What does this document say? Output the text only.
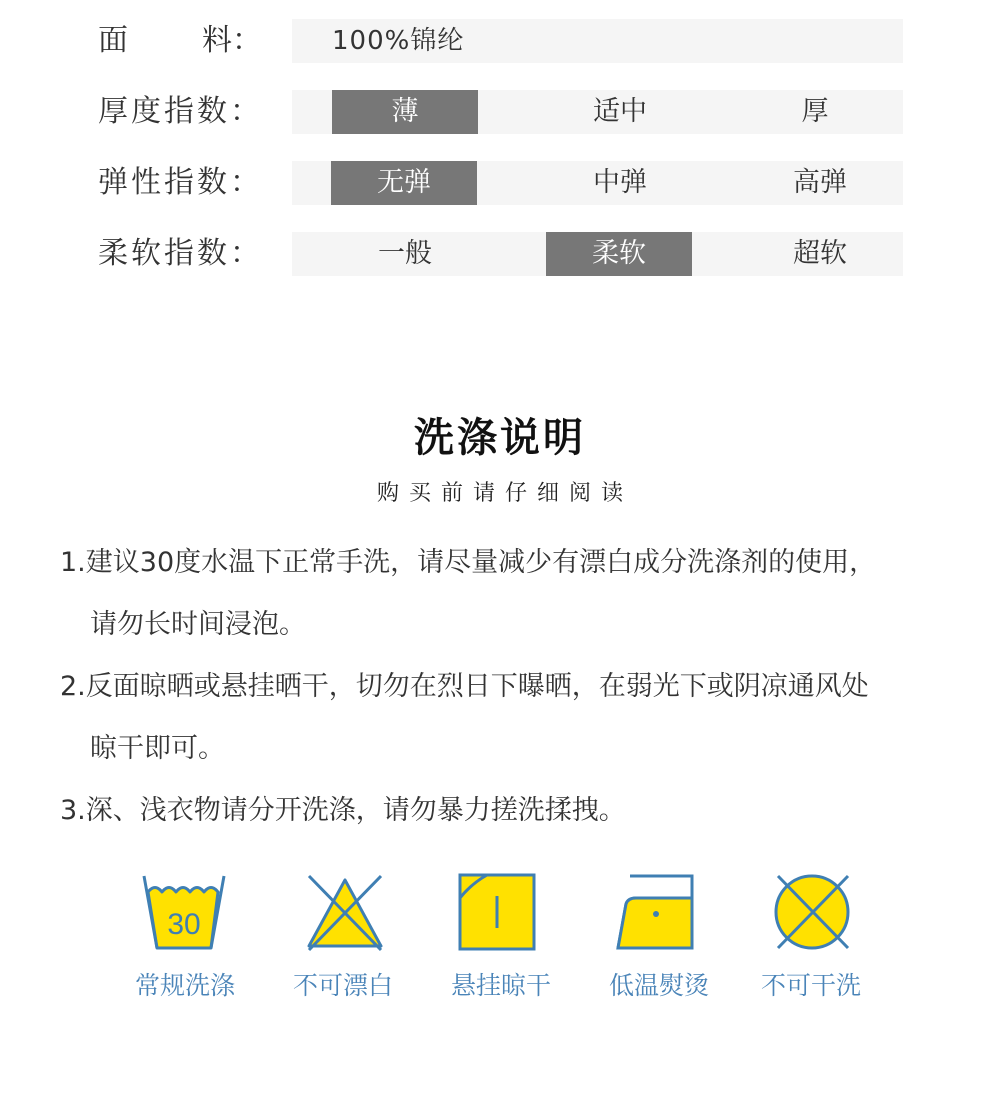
面 料：	100%锦纶
厚度指数：	薄	适中	厚
弹性指数：	无弹	中弹	高弹
柔软指数：	一般	柔软	超软
洗涤说明
购买前请仔细阅读
1.建议30度水温下正常手洗，请尽量减少有漂白成分洗涤剂的使用，
请勿长时间浸泡。
2.反面晾晒或悬挂晒干，切勿在烈日下曝晒，在弱光下或阴凉通风处
晾干即可。
3.深、浅衣物请分开洗涤，请勿暴力搓洗揉拽。
30
常规洗涤	不可漂白	悬挂晾干	低温熨烫	不可干洗
